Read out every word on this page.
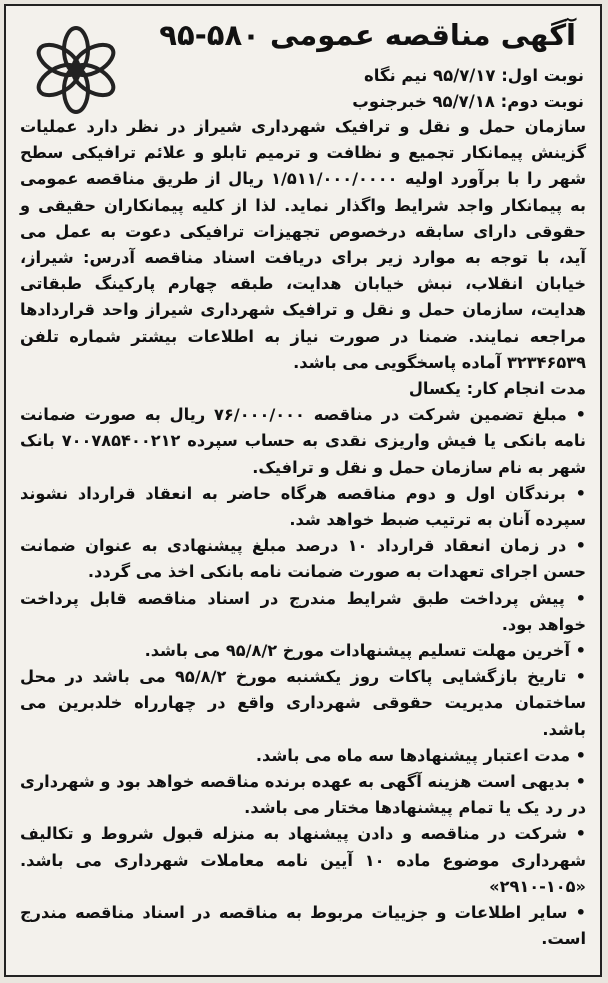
آگهی مناقصه عمومی ۵۸۰-۹۵
نوبت اول: ۹۵/۷/۱۷ نیم نگاه
نوبت دوم: ۹۵/۷/۱۸ خبرجنوب

سازمان حمل و نقل و ترافیک شهرداری شیراز در نظر دارد عملیات گزینش پیمانکار تجمیع و نظافت و ترمیم تابلو و علائم ترافیکی سطح شهر را با برآورد اولیه ۱/۵۱۱/۰۰۰/۰۰۰۰ ریال از طریق مناقصه عمومی به پیمانکار واجد شرایط واگذار نماید. لذا از کلیه پیمانکاران حقیقی و حقوقی دارای سابقه درخصوص تجهیزات ترافیکی دعوت به عمل می آید، با توجه به موارد زیر برای دریافت اسناد مناقصه آدرس: شیراز، خیابان انقلاب، نبش خیابان هدایت، طبقه چهارم پارکینگ طبقاتی هدایت، سازمان حمل و نقل و ترافیک شهرداری شیراز واحد قراردادها مراجعه نمایند. ضمنا در صورت نیاز به اطلاعات بیشتر شماره تلفن ۳۲۳۴۶۵۳۹ آماده پاسخگویی می باشد.

مدت انجام کار: یکسال

• مبلغ تضمین شرکت در مناقصه ۷۶/۰۰۰/۰۰۰ ریال به صورت ضمانت نامه بانکی یا فیش واریزی نقدی به حساب سپرده ۷۰۰۷۸۵۴۰۰۲۱۲ بانک شهر به نام سازمان حمل و نقل و ترافیک.

• برندگان اول و دوم مناقصه هرگاه حاضر به انعقاد قرارداد نشوند سپرده آنان به ترتیب ضبط خواهد شد.

• در زمان انعقاد قرارداد ۱۰ درصد مبلغ پیشنهادی به عنوان ضمانت حسن اجرای تعهدات به صورت ضمانت نامه بانکی اخذ می گردد.

• پیش پرداخت طبق شرایط مندرج در اسناد مناقصه قابل پرداخت خواهد بود.

• آخرین مهلت تسلیم پیشنهادات مورخ ۹۵/۸/۲ می باشد.

• تاریخ بازگشایی پاکات روز یکشنبه مورخ ۹۵/۸/۲ می باشد در محل ساختمان مدیریت حقوقی شهرداری واقع در چهارراه خلدبرین می باشد.

• مدت اعتبار پیشنهادها سه ماه می باشد.

• بدیهی است هزینه آگهی به عهده برنده مناقصه خواهد بود و شهرداری در رد یک یا تمام پیشنهادها مختار می باشد.

• شرکت در مناقصه و دادن پیشنهاد به منزله قبول شروط و تکالیف شهرداری موضوع ماده ۱۰ آیین نامه معاملات شهرداری می باشد. «۱۰۵-۲۹۱۰»

• سایر اطلاعات و جزییات مربوط به مناقصه در اسناد مناقصه مندرج است.
